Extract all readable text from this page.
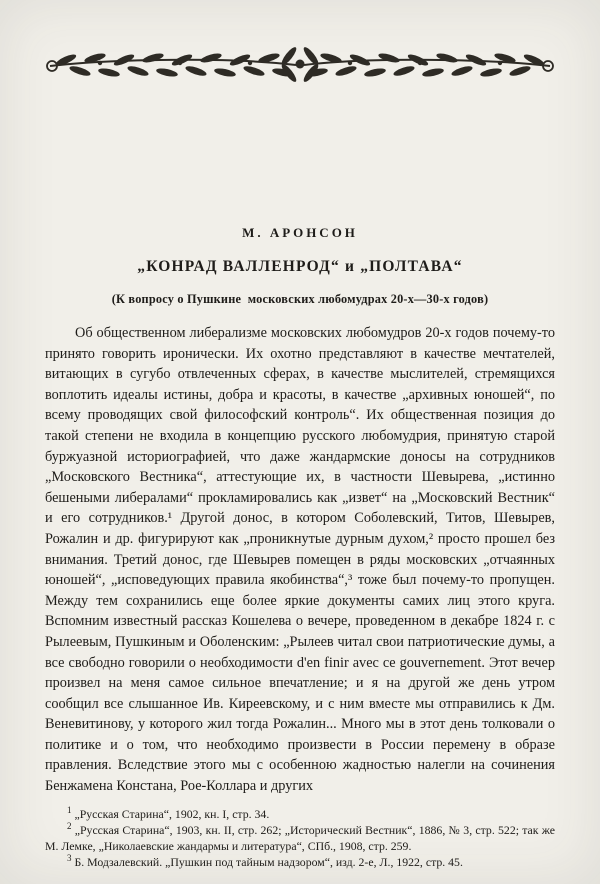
М. АРОНСОН
„КОНРАД ВАЛЛЕНРОД“ и „ПОЛТАВА“
(К вопросу о Пушкине  московских любомудрах 20-х—30-х годов)

Об общественном либерализме московских любомудров 20-х годов почему-то принято говорить иронически. Их охотно представляют в качестве мечтателей, витающих в сугубо отвлеченных сферах, в качестве мыслителей, стремящихся воплотить идеалы истины, добра и красоты, в качестве „архивных юношей“, по всему проводящих свой философский контроль“. Их общественная позиция до такой степени не входила в концепцию русского любомудрия, принятую старой буржуазной историографией, что даже жандармские доносы на сотрудников „Московского Вестника“, аттестующие их, в частности Шевырева, „истинно бешеными либералами“ прокламировались как „извет“ на „Московский Вестник“ и его сотрудников.¹ Другой донос, в котором Соболевский, Титов, Шевырев, Рожалин и др. фигурируют как „проникнутые дурным духом,² просто прошел без внимания. Третий донос, где Шевырев помещен в ряды московских „отчаянных юношей“, „исповедующих правила якобинства“,³ тоже был почему-то пропущен. Между тем сохранились еще более яркие документы самих лиц этого круга. Вспомним известный рассказ Кошелева о вечере, проведенном в декабре 1824 г. с Рылеевым, Пушкиным и Оболенским: „Рылеев читал свои патриотические думы, а все свободно говорили о необходимости d'en finir avec ce gouvernement. Этот вечер произвел на меня самое сильное впечатление; и я на другой же день утром сообщил все слышанное Ив. Киреевскому, и с ним вместе мы отправились к Дм. Веневитинову, у которого жил тогда Рожалин... Много мы в этот день толковали о политике и о том, что необходимо произвести в России перемену в образе правления. Вследствие этого мы с особенною жадностью налегли на сочинения Бенжамена Констана, Рое-Коллара и других

$^1$ „Русская Старина“, 1902, кн. I, стр. 34.

$^2$ „Русская Старина“, 1903, кн. II, стр. 262; „Исторический Вестник“, 1886, № 3, стр. 522; так же М. Лемке, „Николаевские жандармы и литература“, СПб., 1908, стр. 259.

$^3$ Б. Модзалевский. „Пушкин под тайным надзором“, изд. 2-е, Л., 1922, стр. 45.
